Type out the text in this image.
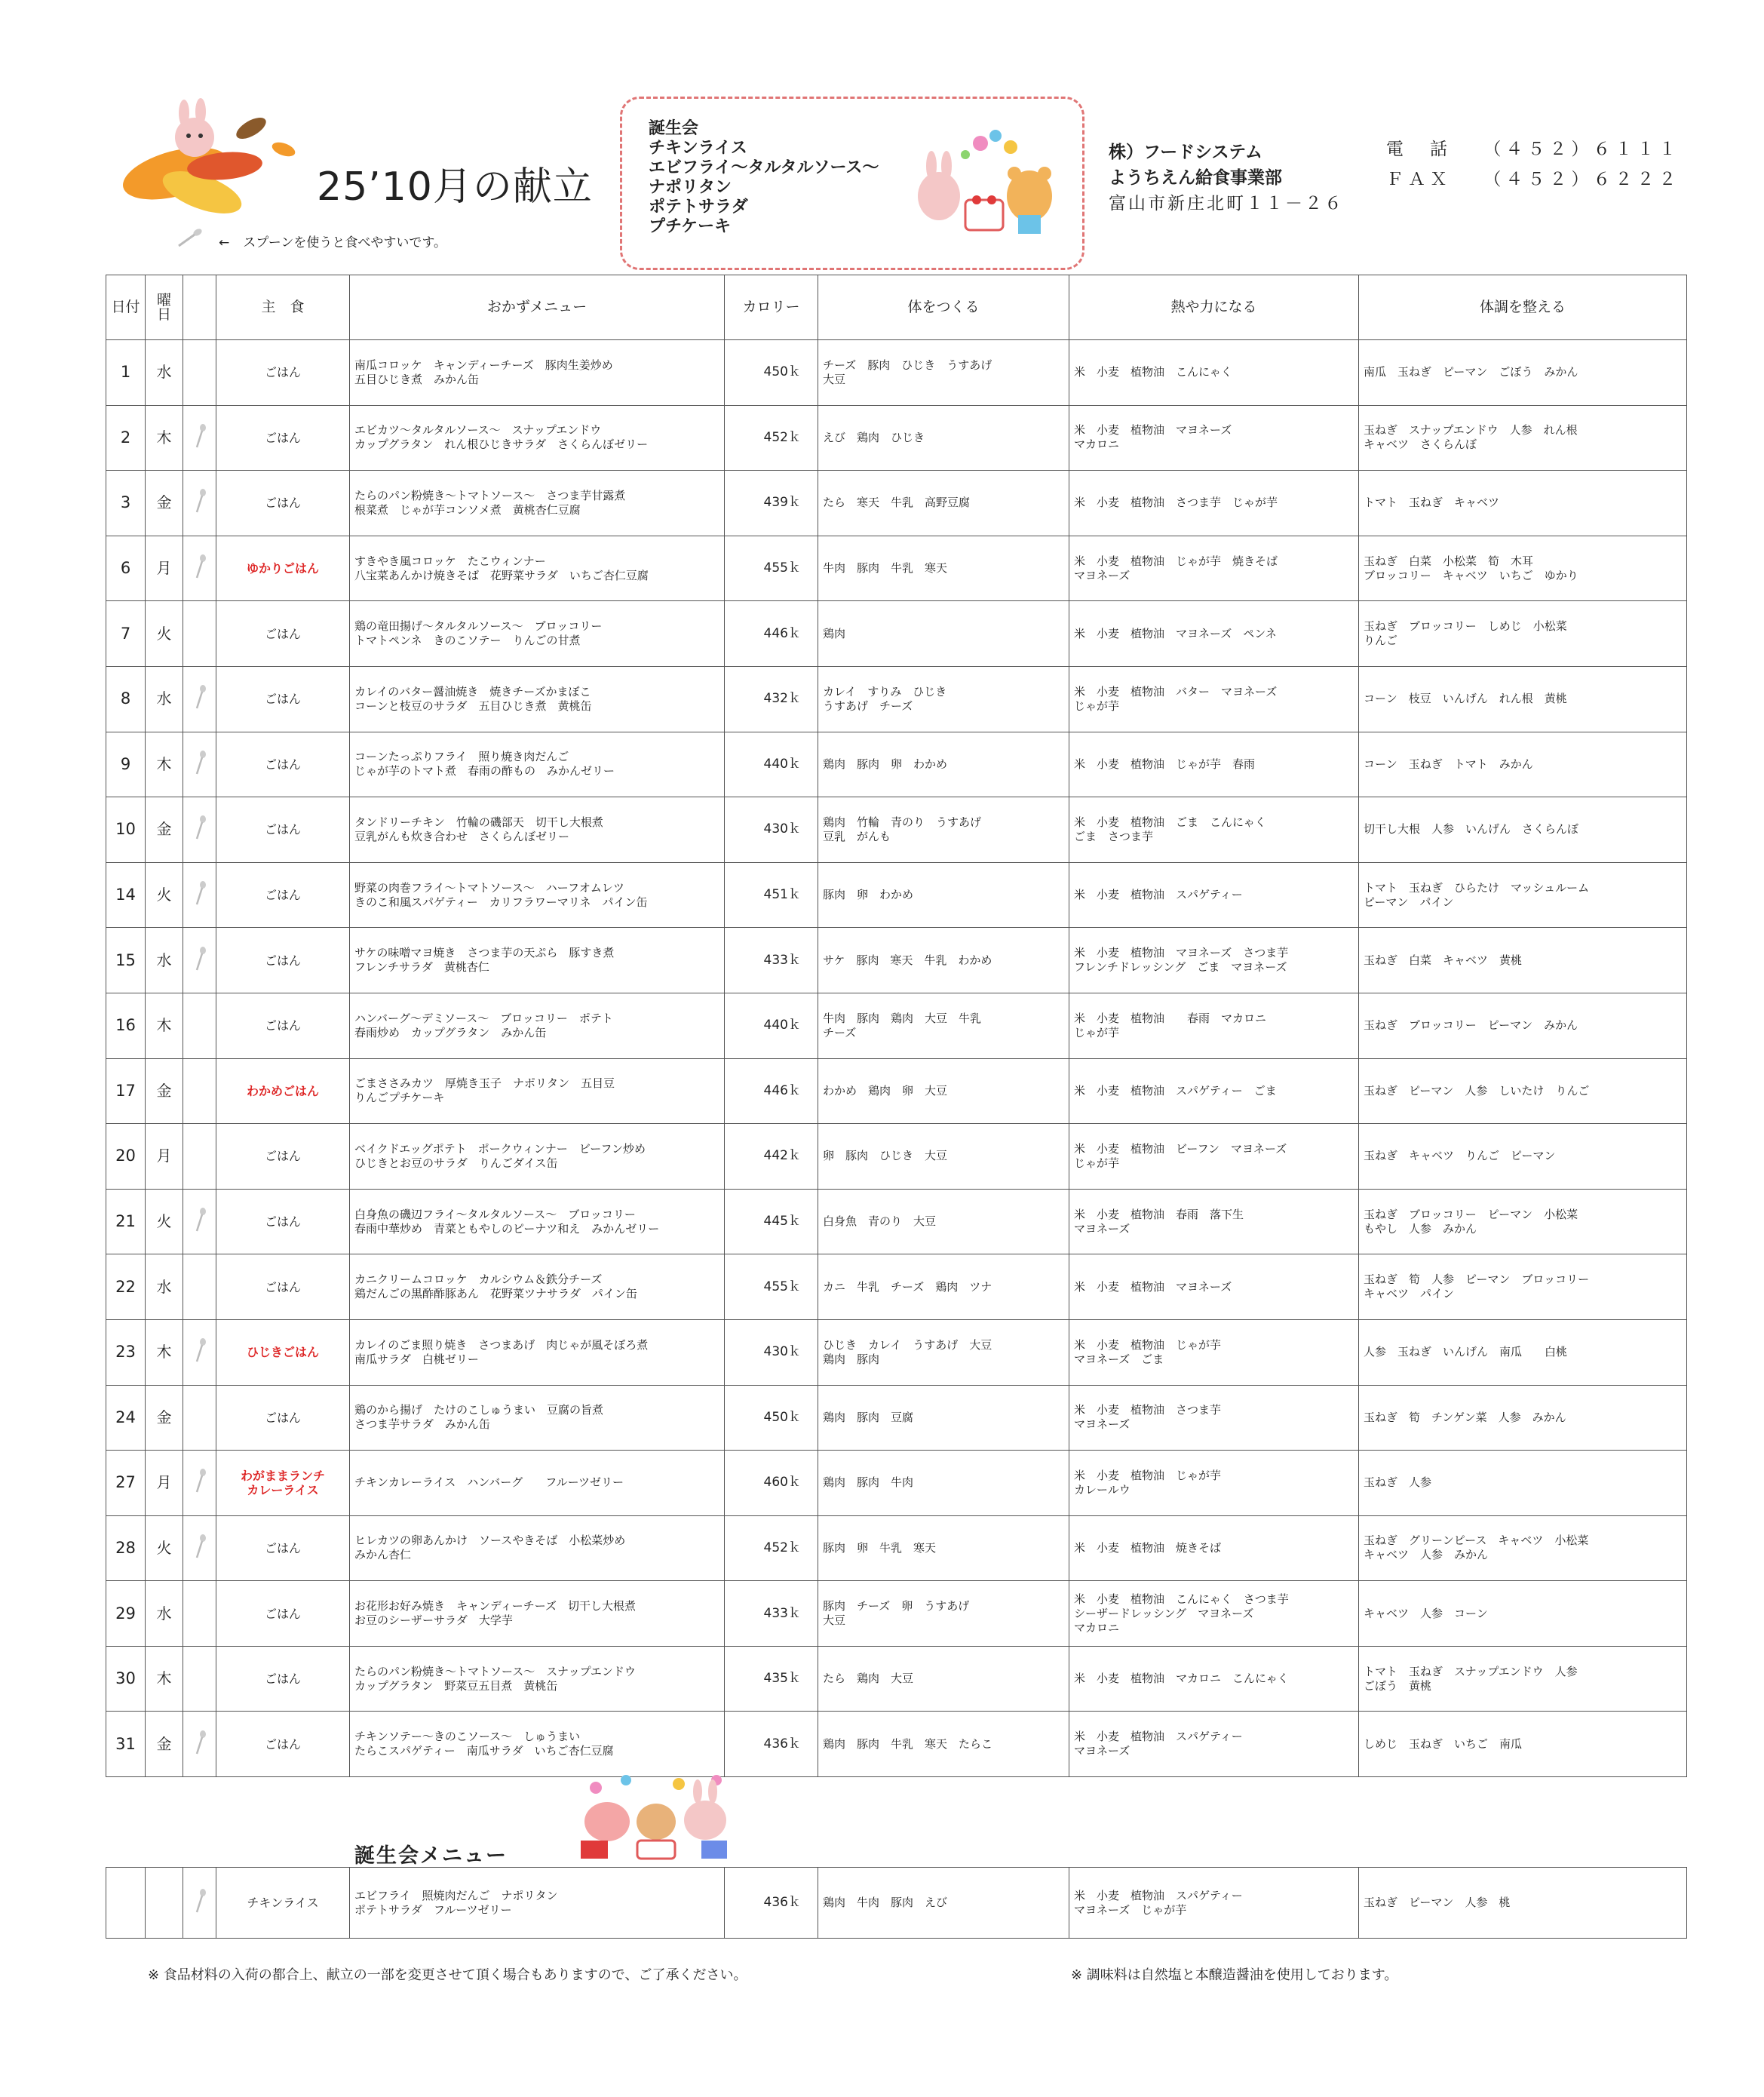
25’10月の献立
← スプーンを使うと食べやすいです。
誕生会
チキンライス
エビフライ～タルタルソース～
ナポリタン
ポテトサラダ
プチケーキ
株）フードシステム
ようちえん給食事業部
富山市新庄北町１１－２６
電　話　 （４５２）６１１１
ＦＡＸ　 （４５２）６２２２
日付	曜日		主　食	おかずメニュー	カロリー	体をつくる	熱や力になる	体調を整える
1	水		ごはん	南瓜コロッケ　キャンディーチーズ　豚肉生姜炒め
五目ひじき煮　みかん缶	450ｋ	チーズ　豚肉　ひじき　うすあげ
大豆	米　小麦　植物油　こんにゃく	南瓜　玉ねぎ　ピーマン　ごぼう　みかん
2	木		ごはん	エビカツ～タルタルソース～　スナップエンドウ
カップグラタン　れん根ひじきサラダ　さくらんぼゼリー	452ｋ	えび　鶏肉　ひじき	米　小麦　植物油　マヨネーズ
マカロニ	玉ねぎ　スナップエンドウ　人参　れん根
キャベツ　さくらんぼ
3	金		ごはん	たらのパン粉焼き～トマトソース～　さつま芋甘露煮
根菜煮　じゃが芋コンソメ煮　黄桃杏仁豆腐	439ｋ	たら　寒天　牛乳　高野豆腐	米　小麦　植物油　さつま芋　じゃが芋	トマト　玉ねぎ　キャベツ
6	月		ゆかりごはん	すきやき風コロッケ　たこウィンナー
八宝菜あんかけ焼きそば　花野菜サラダ　いちご杏仁豆腐	455ｋ	牛肉　豚肉　牛乳　寒天	米　小麦　植物油　じゃが芋　焼きそば
マヨネーズ	玉ねぎ　白菜　小松菜　筍　木耳
ブロッコリー　キャベツ　いちご　ゆかり
7	火		ごはん	鶏の竜田揚げ～タルタルソース～　ブロッコリー
トマトペンネ　きのこソテー　りんごの甘煮	446ｋ	鶏肉	米　小麦　植物油　マヨネーズ　ペンネ	玉ねぎ　ブロッコリー　しめじ　小松菜
りんご
8	水		ごはん	カレイのバター醤油焼き　焼きチーズかまぼこ
コーンと枝豆のサラダ　五目ひじき煮　黄桃缶	432ｋ	カレイ　すりみ　ひじき
うすあげ　チーズ	米　小麦　植物油　バター　マヨネーズ
じゃが芋	コーン　枝豆　いんげん　れん根　黄桃
9	木		ごはん	コーンたっぷりフライ　照り焼き肉だんご
じゃが芋のトマト煮　春雨の酢もの　みかんゼリー	440ｋ	鶏肉　豚肉　卵　わかめ	米　小麦　植物油　じゃが芋　春雨	コーン　玉ねぎ　トマト　みかん
10	金		ごはん	タンドリーチキン　竹輪の磯部天　切干し大根煮
豆乳がんも炊き合わせ　さくらんぼゼリー	430ｋ	鶏肉　竹輪　青のり　うすあげ
豆乳　がんも	米　小麦　植物油　ごま　こんにゃく
ごま　さつま芋	切干し大根　人参　いんげん　さくらんぼ
14	火		ごはん	野菜の肉巻フライ～トマトソース～　ハーフオムレツ
きのこ和風スパゲティー　カリフラワーマリネ　パイン缶	451ｋ	豚肉　卵　わかめ	米　小麦　植物油　スパゲティー	トマト　玉ねぎ　ひらたけ　マッシュルーム
ピーマン　パイン
15	水		ごはん	サケの味噌マヨ焼き　さつま芋の天ぷら　豚すき煮
フレンチサラダ　黄桃杏仁	433ｋ	サケ　豚肉　寒天　牛乳　わかめ	米　小麦　植物油　マヨネーズ　さつま芋
フレンチドレッシング　ごま　マヨネーズ	玉ねぎ　白菜　キャベツ　黄桃
16	木		ごはん	ハンバーグ～デミソース～　ブロッコリー　ポテト
春雨炒め　カップグラタン　みかん缶	440ｋ	牛肉　豚肉　鶏肉　大豆　牛乳
チーズ	米　小麦　植物油　　春雨　マカロニ
じゃが芋	玉ねぎ　ブロッコリー　ピーマン　みかん
17	金		わかめごはん	ごまささみカツ　厚焼き玉子　ナポリタン　五目豆
りんごプチケーキ	446ｋ	わかめ　鶏肉　卵　大豆	米　小麦　植物油　スパゲティー　ごま	玉ねぎ　ピーマン　人参　しいたけ　りんご
20	月		ごはん	ベイクドエッグポテト　ポークウィンナー　ビーフン炒め
ひじきとお豆のサラダ　りんごダイス缶	442ｋ	卵　豚肉　ひじき　大豆	米　小麦　植物油　ビーフン　マヨネーズ
じゃが芋	玉ねぎ　キャベツ　りんご　ピーマン
21	火		ごはん	白身魚の磯辺フライ～タルタルソース～　ブロッコリー
春雨中華炒め　青菜ともやしのピーナツ和え　みかんゼリー	445ｋ	白身魚　青のり　大豆	米　小麦　植物油　春雨　落下生
マヨネーズ	玉ねぎ　ブロッコリー　ピーマン　小松菜
もやし　人参　みかん
22	水		ごはん	カニクリームコロッケ　カルシウム＆鉄分チーズ
鶏だんごの黒酢酢豚あん　花野菜ツナサラダ　パイン缶	455ｋ	カニ　牛乳　チーズ　鶏肉　ツナ	米　小麦　植物油　マヨネーズ	玉ねぎ　筍　人参　ピーマン　ブロッコリー
キャベツ　パイン
23	木		ひじきごはん	カレイのごま照り焼き　さつまあげ　肉じゃが風そぼろ煮
南瓜サラダ　白桃ゼリー	430ｋ	ひじき　カレイ　うすあげ　大豆
鶏肉　豚肉	米　小麦　植物油　じゃが芋
マヨネーズ　ごま	人参　玉ねぎ　いんげん　南瓜　　白桃
24	金		ごはん	鶏のから揚げ　たけのこしゅうまい　豆腐の旨煮
さつま芋サラダ　みかん缶	450ｋ	鶏肉　豚肉　豆腐	米　小麦　植物油　さつま芋
マヨネーズ	玉ねぎ　筍　チンゲン菜　人参　みかん
27	月		わがままランチ
カレーライス	チキンカレーライス　ハンバーグ　　フルーツゼリー	460ｋ	鶏肉　豚肉　牛肉	米　小麦　植物油　じゃが芋
カレールウ	玉ねぎ　人参
28	火		ごはん	ヒレカツの卵あんかけ　ソースやきそば　小松菜炒め
みかん杏仁	452ｋ	豚肉　卵　牛乳　寒天	米　小麦　植物油　焼きそば	玉ねぎ　グリーンピース　キャベツ　小松菜
キャベツ　人参　みかん
29	水		ごはん	お花形お好み焼き　キャンディーチーズ　切干し大根煮
お豆のシーザーサラダ　大学芋	433ｋ	豚肉　チーズ　卵　うすあげ
大豆	米　小麦　植物油　こんにゃく　さつま芋
シーザードレッシング　マヨネーズ
マカロニ	キャベツ　人参　コーン
30	木		ごはん	たらのパン粉焼き～トマトソース～　スナップエンドウ
カップグラタン　野菜豆五目煮　黄桃缶	435ｋ	たら　鶏肉　大豆	米　小麦　植物油　マカロニ　こんにゃく	トマト　玉ねぎ　スナップエンドウ　人参
ごぼう　黄桃
31	金		ごはん	チキンソテー～きのこソース～　しゅうまい
たらこスパゲティー　南瓜サラダ　いちご杏仁豆腐	436ｋ	鶏肉　豚肉　牛乳　寒天　たらこ	米　小麦　植物油　スパゲティー
マヨネーズ	しめじ　玉ねぎ　いちご　南瓜
誕生会メニュー
			チキンライス	エビフライ　照焼肉だんご　ナポリタン
ポテトサラダ　フルーツゼリー	436ｋ	鶏肉　牛肉　豚肉　えび	米　小麦　植物油　スパゲティー
マヨネーズ　じゃが芋	玉ねぎ　ピーマン　人参　桃
※ 食品材料の入荷の都合上、献立の一部を変更させて頂く場合もありますので、ご了承ください。	※ 調味料は自然塩と本醸造醤油を使用しております。
